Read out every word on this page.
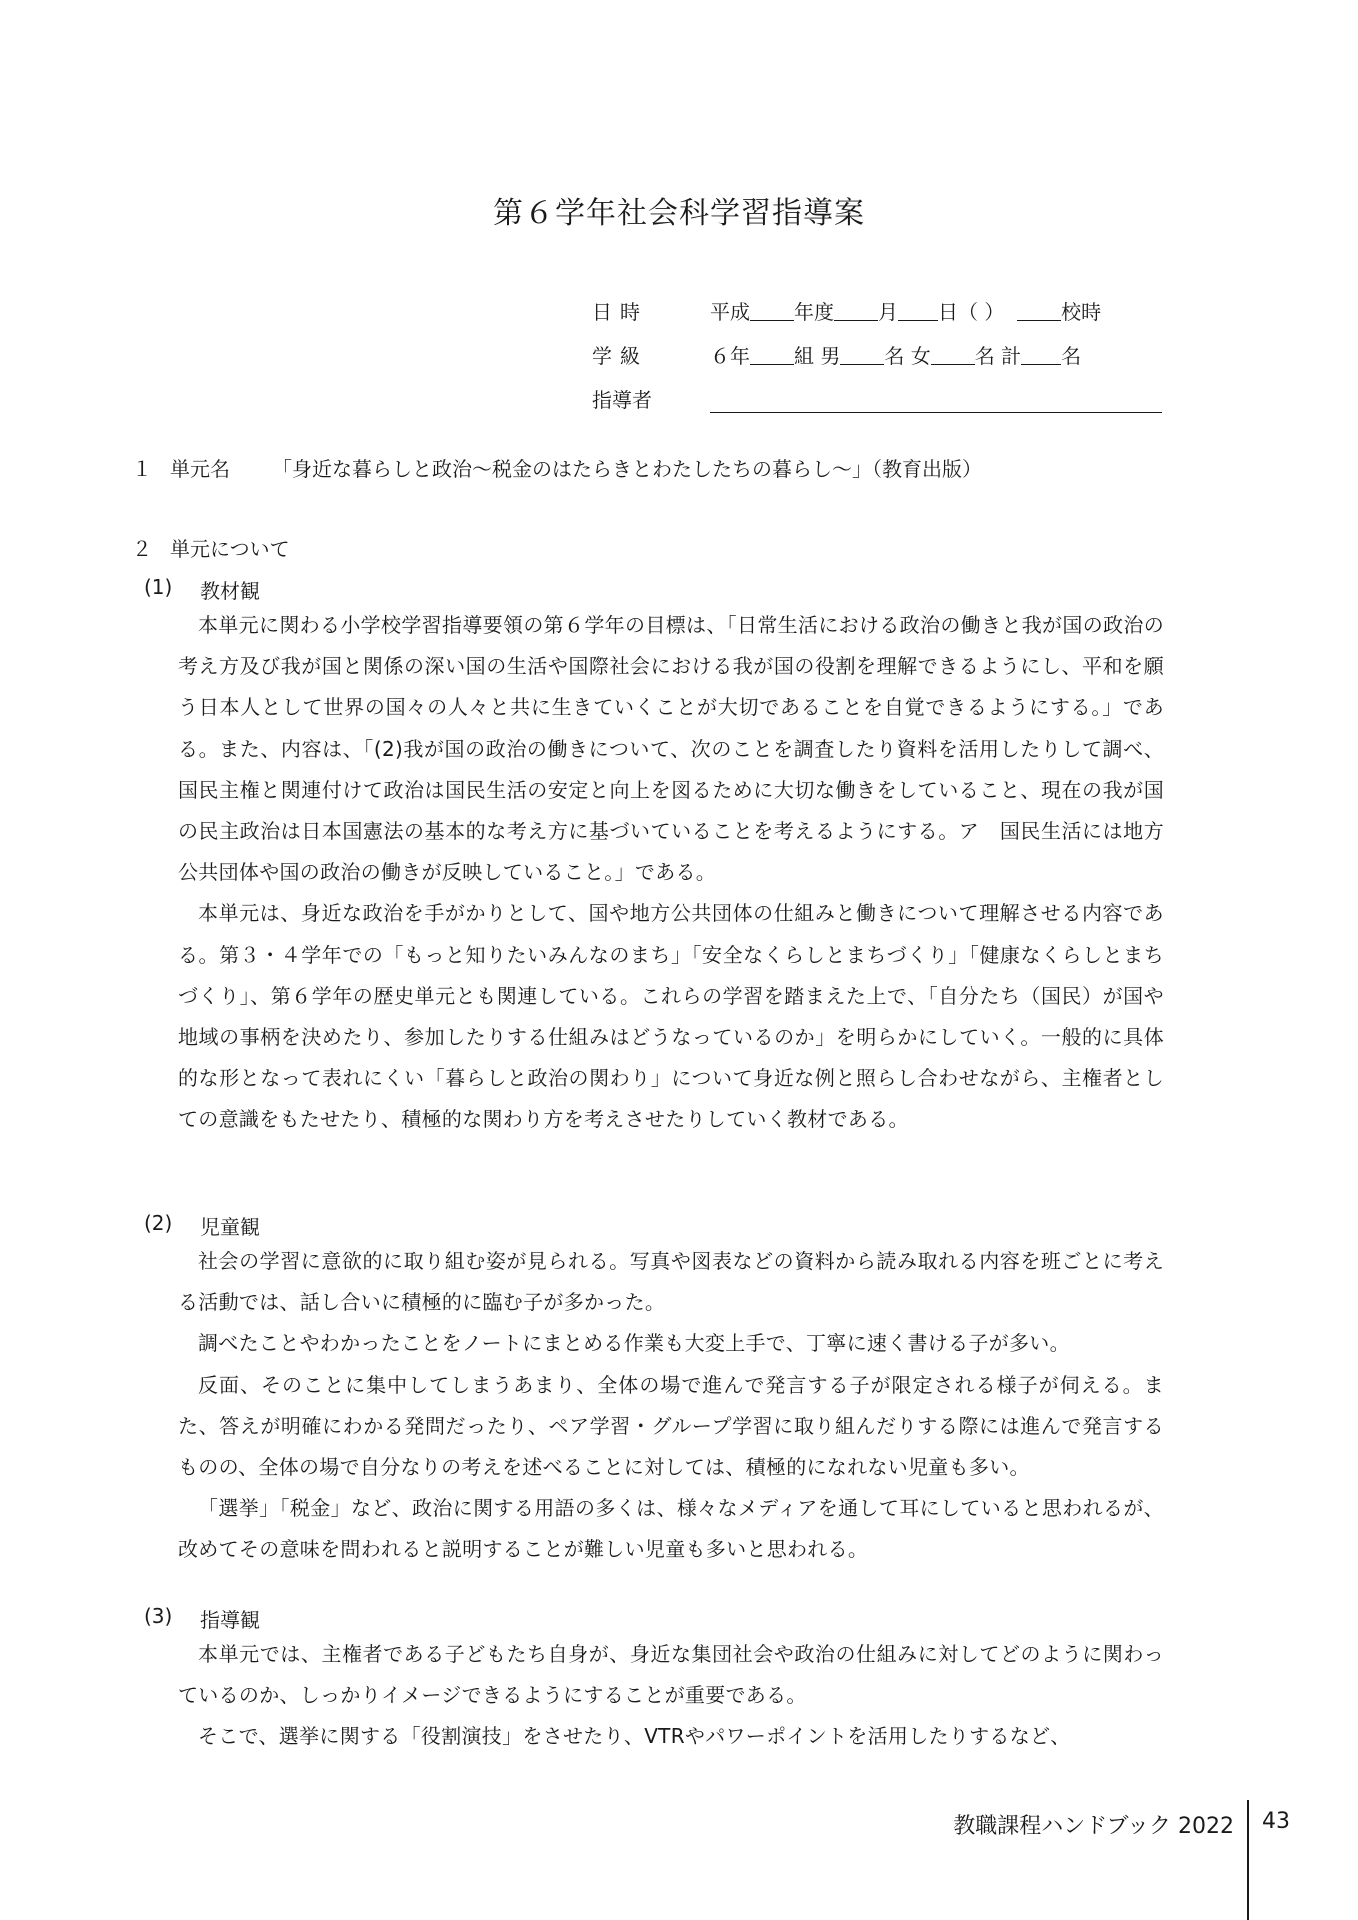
第６学年社会科学習指導案
日時	平成 年度 月 日（ ）	校時
学級	６年 組 男 名 女 名 計 名
指導者
１ 単元名 「身近な暮らしと政治～税金のはたらきとわたしたちの暮らし～」（教育出版）
２ 単元について
(1) 教材観

本単元に関わる小学校学習指導要領の第６学年の目標は、「日常生活における政治の働きと我が国の政治の考え方及び我が国と関係の深い国の生活や国際社会における我が国の役割を理解できるようにし、平和を願う日本人として世界の国々の人々と共に生きていくことが大切であることを自覚できるようにする。」である。また、内容は、「(2)我が国の政治の働きについて、次のことを調査したり資料を活用したりして調べ、国民主権と関連付けて政治は国民生活の安定と向上を図るために大切な働きをしていること、現在の我が国の民主政治は日本国憲法の基本的な考え方に基づいていることを考えるようにする。ア　国民生活には地方公共団体や国の政治の働きが反映していること。」である。

本単元は、身近な政治を手がかりとして、国や地方公共団体の仕組みと働きについて理解させる内容である。第３・４学年での「もっと知りたいみんなのまち」「安全なくらしとまちづくり」「健康なくらしとまちづくり」、第６学年の歴史単元とも関連している。これらの学習を踏まえた上で、「自分たち（国民）が国や地域の事柄を決めたり、参加したりする仕組みはどうなっているのか」を明らかにしていく。一般的に具体的な形となって表れにくい「暮らしと政治の関わり」について身近な例と照らし合わせながら、主権者としての意識をもたせたり、積極的な関わり方を考えさせたりしていく教材である。

(2) 児童観

社会の学習に意欲的に取り組む姿が見られる。写真や図表などの資料から読み取れる内容を班ごとに考える活動では、話し合いに積極的に臨む子が多かった。

調べたことやわかったことをノートにまとめる作業も大変上手で、丁寧に速く書ける子が多い。

反面、そのことに集中してしまうあまり、全体の場で進んで発言する子が限定される様子が伺える。また、答えが明確にわかる発問だったり、ペア学習・グループ学習に取り組んだりする際には進んで発言するものの、全体の場で自分なりの考えを述べることに対しては、積極的になれない児童も多い。

「選挙」「税金」など、政治に関する用語の多くは、様々なメディアを通して耳にしていると思われるが、改めてその意味を問われると説明することが難しい児童も多いと思われる。

(3) 指導観

本単元では、主権者である子どもたち自身が、身近な集団社会や政治の仕組みに対してどのように関わっているのか、しっかりイメージできるようにすることが重要である。

そこで、選挙に関する「役割演技」をさせたり、VTRやパワーポイントを活用したりするなど、

教職課程ハンドブック 2022 43
